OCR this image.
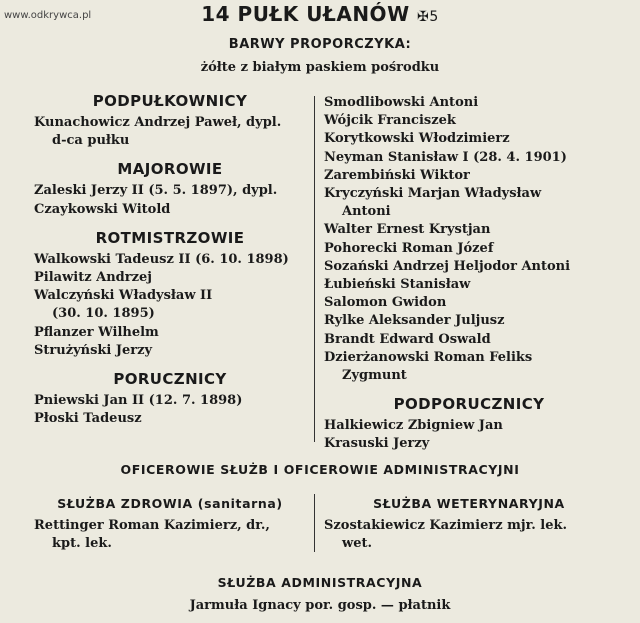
www.odkrywca.pl	14 PUŁK UŁANÓW ✠5
BARWY PROPORCZYKA:
żółte z białym paskiem pośrodku
PODPUŁKOWNICY
Kunachowicz Andrzej Paweł, dypl.
d-ca pułku
MAJOROWIE
Zaleski Jerzy II (5. 5. 1897), dypl.
Czaykowski Witold
ROTMISTRZOWIE
Walkowski Tadeusz II (6. 10. 1898)
Pilawitz Andrzej
Walczyński Władysław II
(30. 10. 1895)
Pflanzer Wilhelm
Strużyński Jerzy
PORUCZNICY
Pniewski Jan II (12. 7. 1898)
Płoski Tadeusz
Smodlibowski Antoni
Wójcik Franciszek
Korytkowski Włodzimierz
Neyman Stanisław I (28. 4. 1901)
Zarembiński Wiktor
Kryczyński Marjan Władysław
Antoni
Walter Ernest Krystjan
Pohorecki Roman Józef
Sozański Andrzej Heljodor Antoni
Łubieński Stanisław
Salomon Gwidon
Rylke Aleksander Juljusz
Brandt Edward Oswald
Dzierżanowski Roman Feliks
Zygmunt
PODPORUCZNICY
Halkiewicz Zbigniew Jan
Krasuski Jerzy
OFICEROWIE SŁUŻB I OFICEROWIE ADMINISTRACYJNI
SŁUŻBA ZDROWIA (sanitarna)
Rettinger Roman Kazimierz, dr.,
kpt. lek.
SŁUŻBA WETERYNARYJNA
Szostakiewicz Kazimierz mjr. lek.
wet.
SŁUŻBA ADMINISTRACYJNA
Jarmuła Ignacy por. gosp. — płatnik
